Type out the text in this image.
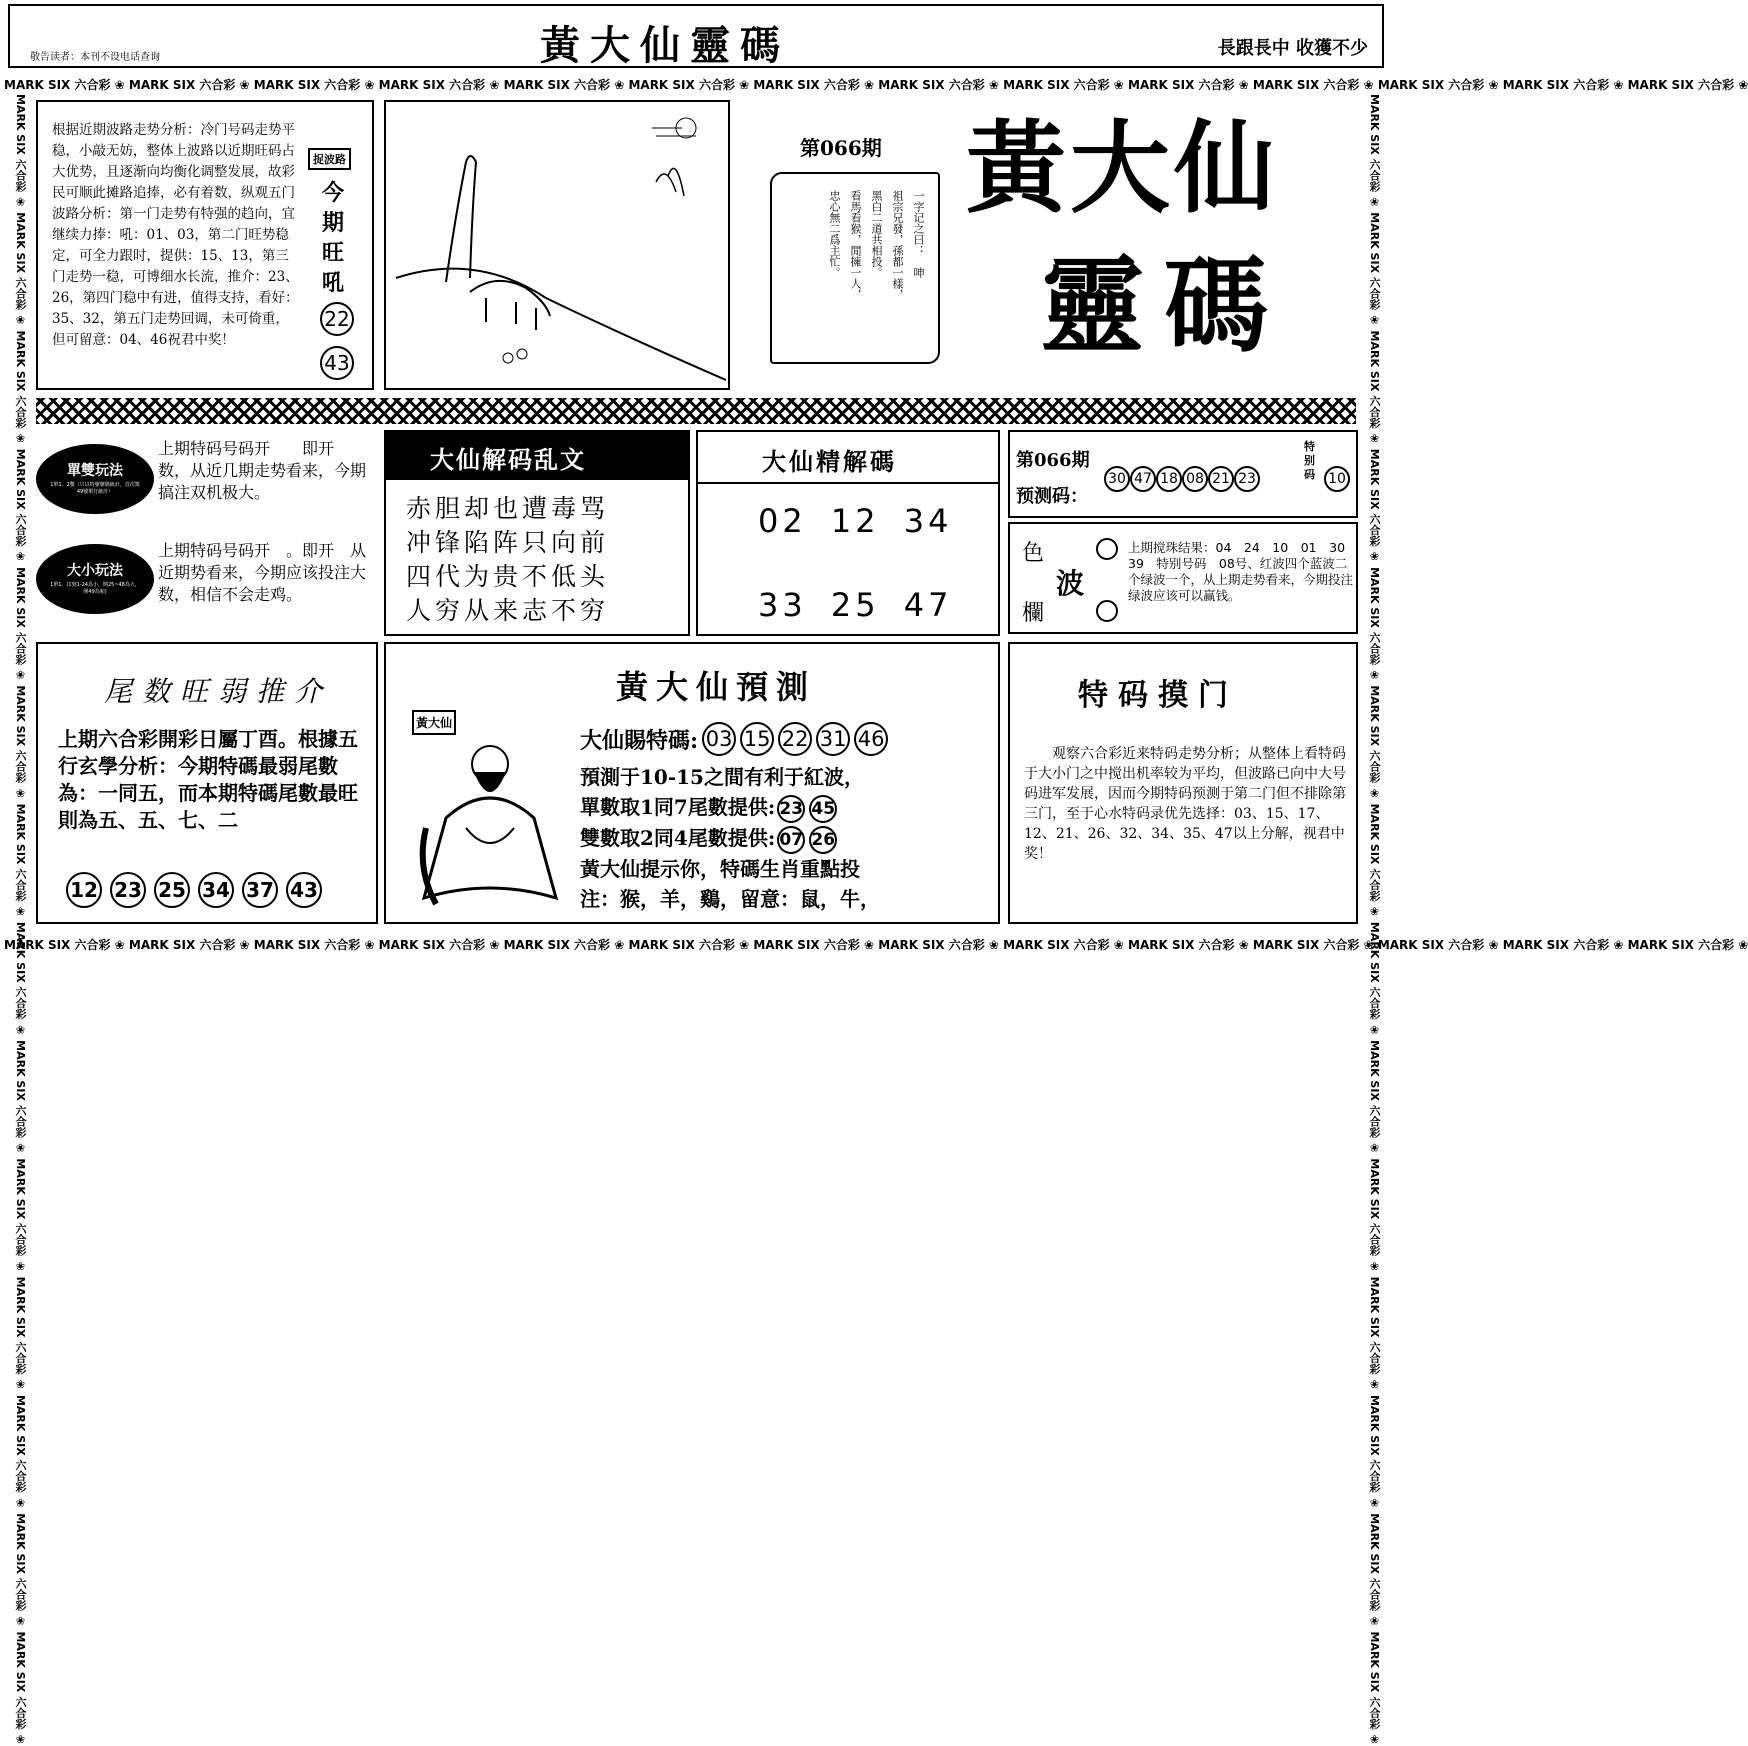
黃大仙靈碼
敬告读者：本刊不设电话查询	長跟長中 收獲不少
MARK SIX 六合彩 ❀ MARK SIX 六合彩 ❀ MARK SIX 六合彩 ❀ MARK SIX 六合彩 ❀ MARK SIX 六合彩 ❀ MARK SIX 六合彩 ❀ MARK SIX 六合彩 ❀ MARK SIX 六合彩 ❀ MARK SIX 六合彩 ❀ MARK SIX 六合彩 ❀ MARK SIX 六合彩 ❀ MARK SIX 六合彩 ❀ MARK SIX 六合彩 ❀ MARK SIX 六合彩 ❀
MARK SIX 六合彩 ❀ MARK SIX 六合彩 ❀ MARK SIX 六合彩 ❀ MARK SIX 六合彩 ❀ MARK SIX 六合彩 ❀ MARK SIX 六合彩 ❀ MARK SIX 六合彩 ❀ MARK SIX 六合彩 ❀ MARK SIX 六合彩 ❀ MARK SIX 六合彩 ❀ MARK SIX 六合彩 ❀ MARK SIX 六合彩 ❀ MARK SIX 六合彩 ❀ MARK SIX 六合彩 ❀
MARK SIX 六合彩 ❀ MARK SIX 六合彩 ❀ MARK SIX 六合彩 ❀ MARK SIX 六合彩 ❀ MARK SIX 六合彩 ❀ MARK SIX 六合彩 ❀ MARK SIX 六合彩 ❀ MARK SIX 六合彩 ❀ MARK SIX 六合彩 ❀ MARK SIX 六合彩 ❀ MARK SIX 六合彩 ❀ MARK SIX 六合彩 ❀ MARK SIX 六合彩 ❀ MARK SIX 六合彩 ❀	MARK SIX 六合彩 ❀ MARK SIX 六合彩 ❀ MARK SIX 六合彩 ❀ MARK SIX 六合彩 ❀ MARK SIX 六合彩 ❀ MARK SIX 六合彩 ❀ MARK SIX 六合彩 ❀ MARK SIX 六合彩 ❀ MARK SIX 六合彩 ❀ MARK SIX 六合彩 ❀ MARK SIX 六合彩 ❀ MARK SIX 六合彩 ❀ MARK SIX 六合彩 ❀ MARK SIX 六合彩 ❀
根据近期波路走势分析：冷门号码走势平稳，小敲无妨，整体上波路以近期旺码占大优势，且逐渐向均衡化调整发展，故彩民可顺此摊路追捧，必有着数，纵观五门波路分析：第一门走势有特强的趋向，宜继续力捧：吼：01、03，第二门旺势稳定，可全力跟时，提供：15、13，第三门走势一稳，可博细水长流，推介：23、26，第四门稳中有进，值得支持，看好：35、32，第五门走势回调，未可倚重，但可留意：04、46祝君中奖！
捉波路
今期旺吼
22 43
第066期
一字记之曰：　呻
祖宗兄發，孫都一樣，
黑白二道共相投。
看馬看猴，閒擁一人，
忠心無二爲主忙。
黃大仙
靈碼
單雙玩法
1單1、2雙（只以特號號碼統計，首次獎49號單打統計）
上期特码号码开　　即开　　数，从近几期走势看来，今期搞注双机极大。
大小玩法
1單1、(1到1-24為小，開25~48為大，開49為和)
上期特码号码开　。即开　从近期势看来，今期应该投注大数，相信不会走鸡。
大仙解码乱文
赤胆却也遭毒骂
冲锋陷阵只向前
四代为贵不低头
人穷从来志不穷
大仙精解碼
02 12 34
33 25 47
第066期
预测码：
30 47 18 08 21 23
特别码 10
色
波
欄
上期搅珠结果：04　24　10　01　30　39　特别号码　08号、红波四个蓝波二个绿波一个，从上期走势看来，今期投注绿波应该可以赢钱。
尾数旺弱推介
上期六合彩開彩日屬丁酉。根據五行玄學分析：今期特碼最弱尾數為：一同五，而本期特碼尾數最旺則為五、五、七、二
12 23 25 34 37 43
黃大仙預測
黃大仙
大仙賜特碼: 03 15 22 31 46
預測于10-15之間有利于紅波，
單數取1同7尾數提供: 23 45
雙數取2同4尾數提供: 07 26
黃大仙提示你，特碼生肖重點投
注：猴，羊，鷄，留意：鼠，牛，
特码摸门
　　观察六合彩近来特码走势分析；从整体上看特码于大小门之中搅出机率较为平均，但波路已向中大号码进军发展，因而今期特码预测于第二门但不排除第三门，至于心水特码录优先选择：03、15、17、12、21、26、32、34、35、47以上分解，视君中奖！
